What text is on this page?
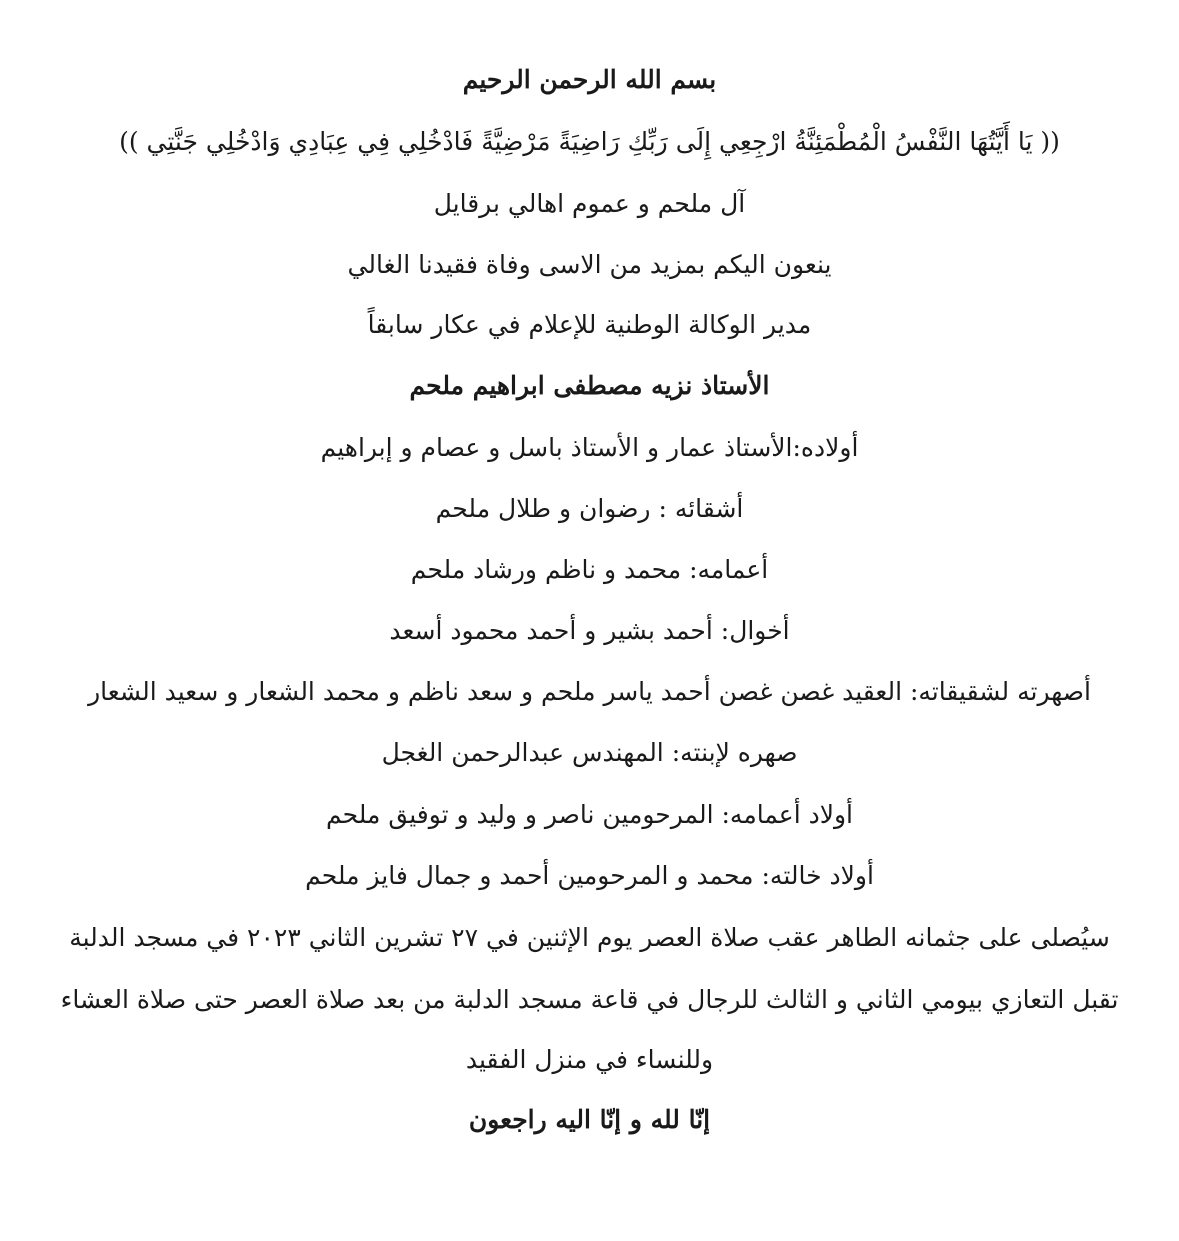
بسم الله الرحمن الرحيم
(( يَا أَيَّتُهَا النَّفْسُ الْمُطْمَئِنَّةُ ارْجِعِي إِلَى رَبِّكِ رَاضِيَةً مَرْضِيَّةً فَادْخُلِي فِي عِبَادِي وَادْخُلِي جَنَّتِي ))
آل ملحم و عموم اهالي برقايل
ينعون اليكم بمزيد من الاسى وفاة فقيدنا الغالي
مدير الوكالة الوطنية للإعلام في عكار سابقاً
الأستاذ نزيه مصطفى ابراهيم ملحم
أولاده:الأستاذ عمار و الأستاذ باسل و عصام و إبراهيم
أشقائه : رضوان و طلال ملحم
أعمامه: محمد و ناظم ورشاد ملحم
أخوال: أحمد بشير و أحمد محمود أسعد
أصهرته لشقيقاته: العقيد غصن غصن أحمد ياسر ملحم و سعد ناظم و محمد الشعار و سعيد الشعار
صهره لإبنته: المهندس عبدالرحمن الغجل
أولاد أعمامه: المرحومين ناصر و وليد و توفيق ملحم
أولاد خالته: محمد و المرحومين أحمد و جمال فايز ملحم
سيُصلى على جثمانه الطاهر عقب صلاة العصر يوم الإثنين في ٢٧ تشرين الثاني ٢٠٢٣ في مسجد الدلبة
تقبل التعازي بيومي الثاني و الثالث للرجال في قاعة مسجد الدلبة من بعد صلاة العصر حتى صلاة العشاء
وللنساء في منزل الفقيد
إنّا لله و إنّا اليه راجعون
